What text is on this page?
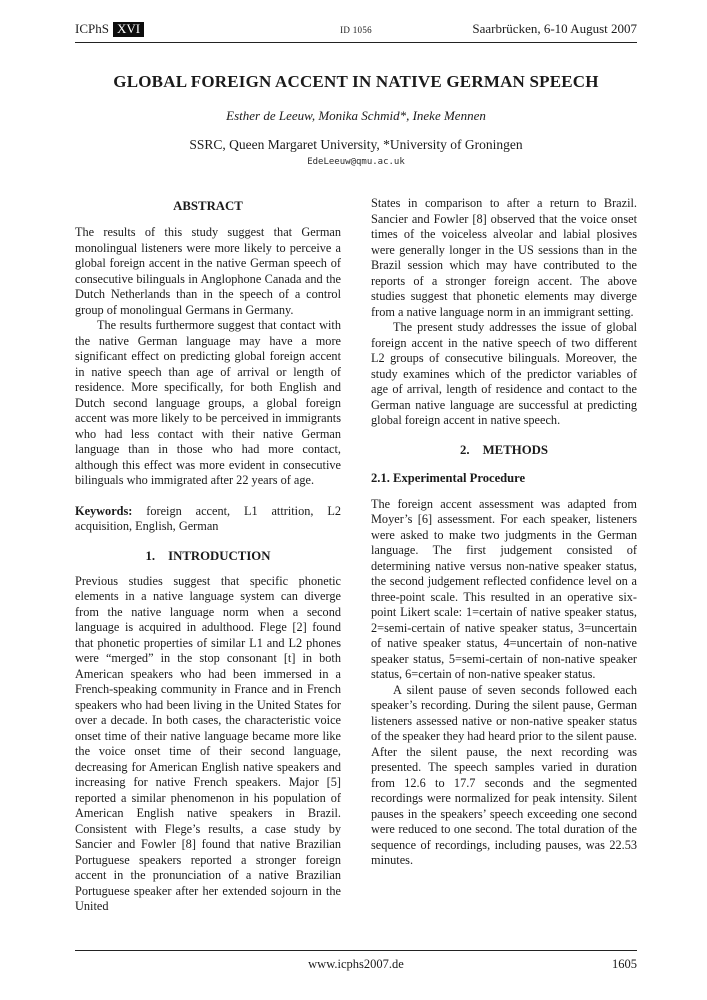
ICPhS XVI	ID 1056	Saarbrücken, 6-10 August 2007
GLOBAL FOREIGN ACCENT IN NATIVE GERMAN SPEECH
Esther de Leeuw, Monika Schmid*, Ineke Mennen
SSRC, Queen Margaret University, *University of Groningen
EdeLeeuw@qmu.ac.uk
ABSTRACT

The results of this study suggest that German monolingual listeners were more likely to perceive a global foreign accent in the native German speech of consecutive bilinguals in Anglophone Canada and the Dutch Netherlands than in the speech of a control group of monolingual Germans in Germany.

The results furthermore suggest that contact with the native German language may have a more significant effect on predicting global foreign accent in native speech than age of arrival or length of residence. More specifically, for both English and Dutch second language groups, a global foreign accent was more likely to be perceived in immigrants who had less contact with their native German language than in those who had more contact, although this effect was more evident in consecutive bilinguals who immigrated after 22 years of age.

Keywords: foreign accent, L1 attrition, L2 acquisition, English, German

1. INTRODUCTION

Previous studies suggest that specific phonetic elements in a native language system can diverge from the native language norm when a second language is acquired in adulthood. Flege [2] found that phonetic properties of similar L1 and L2 phones were “merged” in the stop consonant [t] in both American speakers who had been immersed in a French-speaking community in France and in French speakers who had been living in the United States for over a decade. In both cases, the characteristic voice onset time of their native language became more like the voice onset time of their second language, decreasing for American English native speakers and increasing for native French speakers. Major [5] reported a similar phenomenon in his population of American English native speakers in Brazil. Consistent with Flege’s results, a case study by Sancier and Fowler [8] found that native Brazilian Portuguese speakers reported a stronger foreign accent in the pronunciation of a native Brazilian Portuguese speaker after her extended sojourn in the United

States in comparison to after a return to Brazil. Sancier and Fowler [8] observed that the voice onset times of the voiceless alveolar and labial plosives were generally longer in the US sessions than in the Brazil session which may have contributed to the reports of a stronger foreign accent. The above studies suggest that phonetic elements may diverge from a native language norm in an immigrant setting.

The present study addresses the issue of global foreign accent in the native speech of two different L2 groups of consecutive bilinguals. Moreover, the study examines which of the predictor variables of age of arrival, length of residence and contact to the German native language are successful at predicting global foreign accent in native speech.

2. METHODS
2.1. Experimental Procedure

The foreign accent assessment was adapted from Moyer’s [6] assessment. For each speaker, listeners were asked to make two judgments in the German language. The first judgement consisted of determining native versus non-native speaker status, the second judgement reflected confidence level on a three-point scale. This resulted in an operative six-point Likert scale: 1=certain of native speaker status, 2=semi-certain of native speaker status, 3=uncertain of native speaker status, 4=uncertain of non-native speaker status, 5=semi-certain of non-native speaker status, 6=certain of non-native speaker status.

A silent pause of seven seconds followed each speaker’s recording. During the silent pause, German listeners assessed native or non-native speaker status of the speaker they had heard prior to the silent pause. After the silent pause, the next recording was presented. The speech samples varied in duration from 12.6 to 17.7 seconds and the segmented recordings were normalized for peak intensity. Silent pauses in the speakers’ speech exceeding one second were reduced to one second. The total duration of the sequence of recordings, including pauses, was 22.53 minutes.

www.icphs2007.de	1605
